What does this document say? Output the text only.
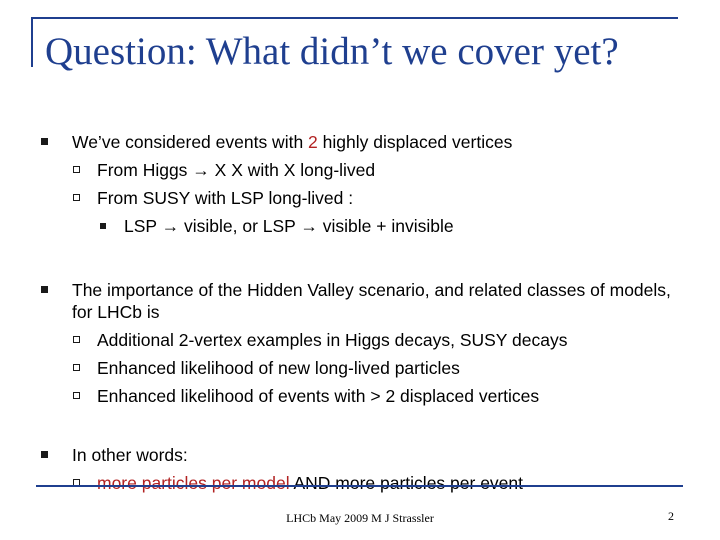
Question: What didn’t we cover yet?
We’ve considered events with 2 highly displaced vertices
From Higgs → X X with X long-lived
From SUSY with LSP long-lived :
LSP → visible, or LSP → visible + invisible
The importance of the Hidden Valley scenario, and related classes of models, for LHCb is
Additional 2-vertex examples in Higgs decays, SUSY decays
Enhanced likelihood of new long-lived particles
Enhanced likelihood of events with > 2 displaced vertices
In other words:
more particles per model AND more particles per event
LHCb May 2009 M J Strassler	2
